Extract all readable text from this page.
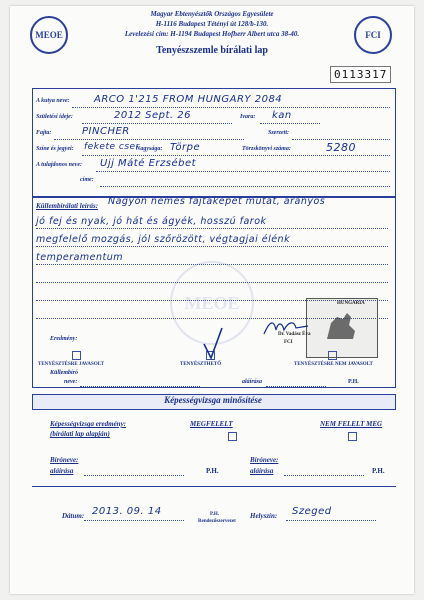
MEOE	FCI
Magyar Ebtenyésztők Országos Egyesülete
H-1116 Budapest Tétényi út 128/b-130.
Levelezési cím: H-1194 Budapest Hofherr Albert utca 38-40.
Tenyészszemle bírálati lap
0113317
A kutya neve: ARCO 1'215 FROM HUNGARY 2084
Születési ideje:	2012 Sept. 26	Ivara: kan
Fajta:	PINCHER	Szerzett:
Színe és jegyei: fekete cser
Nagysága: Törpe	Törzskönyvi száma:	5280
A tulajdonos neve: Ujj Máté Erzsébet
címe:
MEOE
Küllembírálati leírás: Nagyon nemes fajtaképet mutat, arányos
jó fej és nyak, jó hát és ágyék, hosszú farok
megfelelő mozgás, jól szőrözött, végtagjai élénk
temperamentum
Eredmény:
TENYÉSZTÉSRE JAVASOLT	TENYÉSZTHETŐ	TENYÉSZTÉSRE NEM JAVASOLT
Küllembíró
neve:	aláírása	P.H.
HUNGARIA
Dr. Vadász Éva
FCI
Képességvizsga minősítése
Képességvizsga eredmény:
(bírálati lap alapján)
MEGFELELT	NEM FELELT MEG
Bíróneve:
aláírása	P.H.
Bíróneve:
aláírása	P.H.
Dátum: 2013. 09. 14	P.H.
Rendezőszervezet
Helyszín: Szeged
